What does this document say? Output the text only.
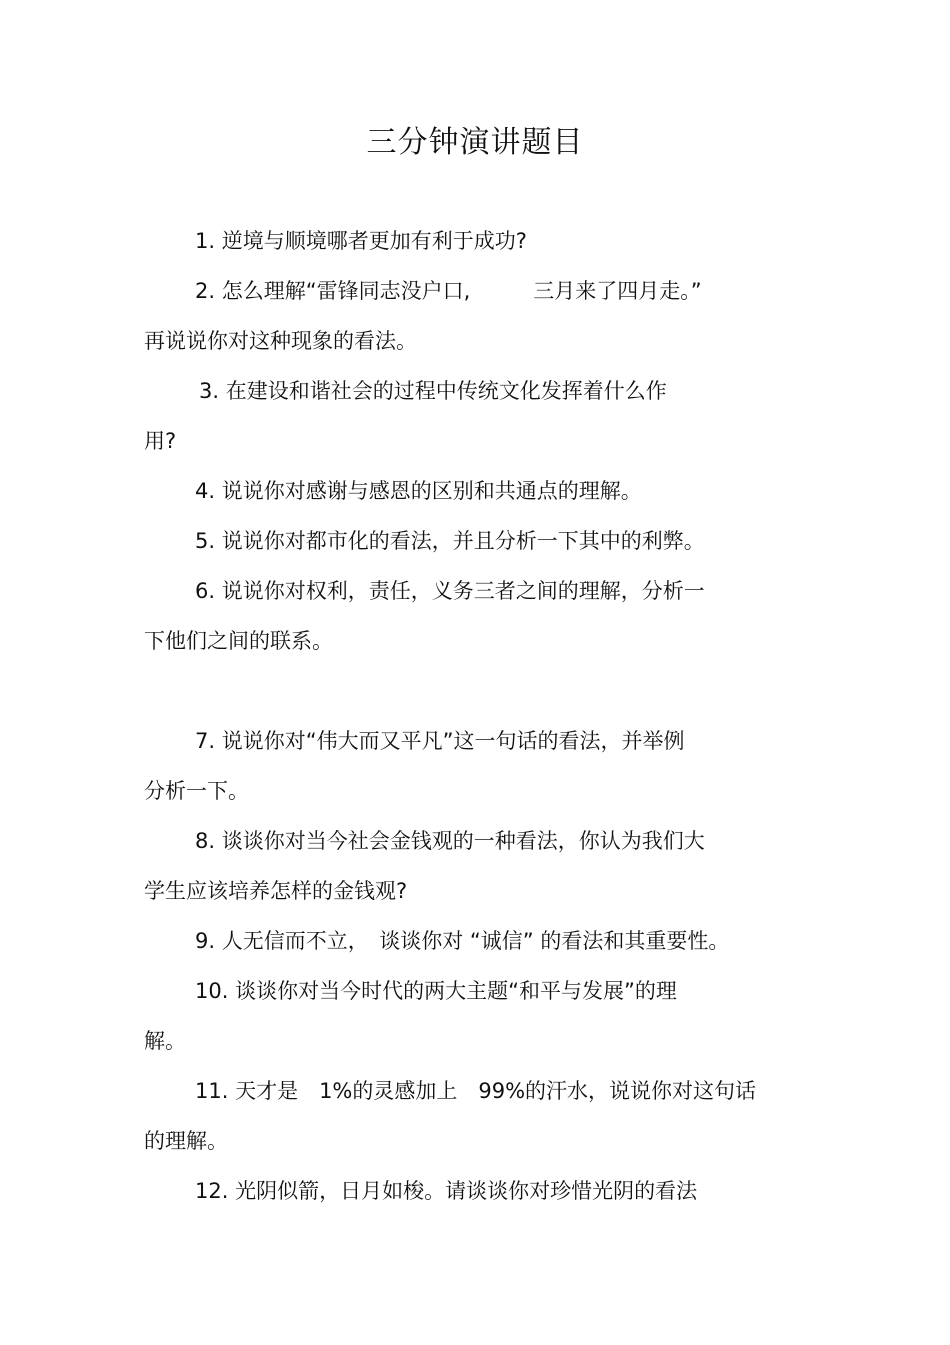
三分钟演讲题目
1. 逆境与顺境哪者更加有利于成功?
2. 怎么理解“雷锋同志没户口,　　　三月来了四月走。”
再说说你对这种现象的看法。
3. 在建设和谐社会的过程中传统文化发挥着什么作
用?
4. 说说你对感谢与感恩的区别和共通点的理解。
5. 说说你对都市化的看法，并且分析一下其中的利弊。
6. 说说你对权利，责任，义务三者之间的理解，分析一
下他们之间的联系。
7. 说说你对“伟大而又平凡”这一句话的看法，并举例
分析一下。
8. 谈谈你对当今社会金钱观的一种看法，你认为我们大
学生应该培养怎样的金钱观?
9. 人无信而不立，　谈谈你对 “诚信” 的看法和其重要性。
10. 谈谈你对当今时代的两大主题“和平与发展”的理
解。
11. 天才是　1%的灵感加上　99%的汗水，说说你对这句话
的理解。
12. 光阴似箭，日月如梭。请谈谈你对珍惜光阴的看法
